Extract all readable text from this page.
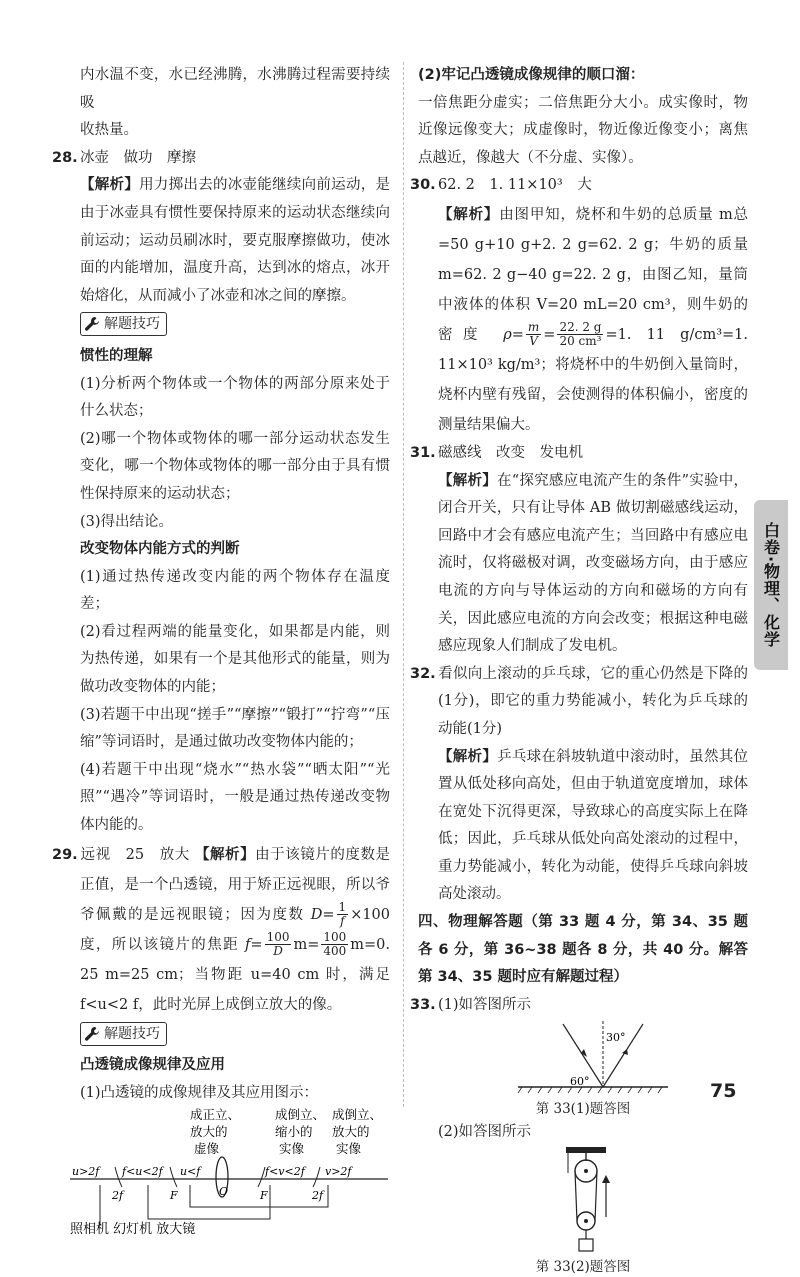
内水温不变，水已经沸腾，水沸腾过程需要持续吸

收热量。

28. 冰壶　做功　摩擦

【解析】用力掷出去的冰壶能继续向前运动，是由于冰壶具有惯性要保持原来的运动状态继续向前运动；运动员刷冰时，要克服摩擦做功，使冰面的内能增加，温度升高，达到冰的熔点，冰开始熔化，从而减小了冰壶和冰之间的摩擦。

解题技巧

惯性的理解

(1)分析两个物体或一个物体的两部分原来处于什么状态；

(2)哪一个物体或物体的哪一部分运动状态发生变化，哪一个物体或物体的哪一部分由于具有惯性保持原来的运动状态；

(3)得出结论。

改变物体内能方式的判断

(1)通过热传递改变内能的两个物体存在温度差；

(2)看过程两端的能量变化，如果都是内能，则为热传递，如果有一个是其他形式的能量，则为做功改变物体的内能；

(3)若题干中出现“搓手”“摩擦”“锻打”“拧弯”“压缩”等词语时，是通过做功改变物体内能的；

(4)若题干中出现“烧水”“热水袋”“晒太阳”“光照”“遇冷”等词语时，一般是通过热传递改变物体内能的。

29. 远视　25　放大 【解析】由于该镜片的度数是正值，是一个凸透镜，用于矫正远视眼，所以爷爷佩戴的是远视眼镜；因为度数 $D= \frac{1}{f} \times 100$ 度，所以该镜片的焦距 $f= \frac{100}{D} m= \frac{100}{400} m=0$. 25 m=25 cm；当物距 u=40 cm 时，满足 f<u<2 f，此时光屏上成倒立放大的像。

解题技巧

凸透镜成像规律及应用

(1)凸透镜的成像规律及其应用图示：

成正立、放大的虚像
成倒立、缩小的实像
成倒立、放大的实像
u>2f f<u<2f u<f	f<v<2f v>2f
2f	F	O	F	2f
照相机 幻灯机 放大镜

(2)牢记凸透镜成像规律的顺口溜：

一倍焦距分虚实；二倍焦距分大小。成实像时，物近像远像变大；成虚像时，物近像近像变小；离焦点越近，像越大（不分虚、实像）。

30. 62. 2　1. 11×10³　大

【解析】由图甲知，烧杯和牛奶的总质量 m总=50 g+10 g+2. 2 g=62. 2 g；牛奶的质量 m=62. 2 g−40 g=22. 2 g，由图乙知，量筒中液体的体积 V=20 mL=20 cm³，则牛奶的密度 $\rho= \frac{m}{V} = \frac{22. 2 g}{\text{20 cm³}} =1$. 11 g/cm³=1. 11×10³ kg/m³；将烧杯中的牛奶倒入量筒时，烧杯内壁有残留，会使测得的体积偏小，密度的测量结果偏大。

31. 磁感线　改变　发电机

【解析】在“探究感应电流产生的条件”实验中，闭合开关，只有让导体 AB 做切割磁感线运动，回路中才会有感应电流产生；当回路中有感应电流时，仅将磁极对调，改变磁场方向，由于感应电流的方向与导体运动的方向和磁场的方向有关，因此感应电流的方向会改变；根据这种电磁感应现象人们制成了发电机。

32. 看似向上滚动的乒乓球，它的重心仍然是下降的(1分)，即它的重力势能减小，转化为乒乓球的动能(1分)

【解析】乒乓球在斜坡轨道中滚动时，虽然其位置从低处移向高处，但由于轨道宽度增加，球体在宽处下沉得更深，导致球心的高度实际上在降低；因此，乒乓球从低处向高处滚动的过程中，重力势能减小，转化为动能，使得乒乓球向斜坡高处滚动。

四、物理解答题（第 33 题 4 分，第 34、35 题各 6 分，第 36~38 题各 8 分，共 40 分。解答第 34、35 题时应有解题过程）

33. (1)如答图所示

30°
60°
第 33(1)题答图

(2)如答图所示

第 33(2)题答图
白卷·物理、化学
75
